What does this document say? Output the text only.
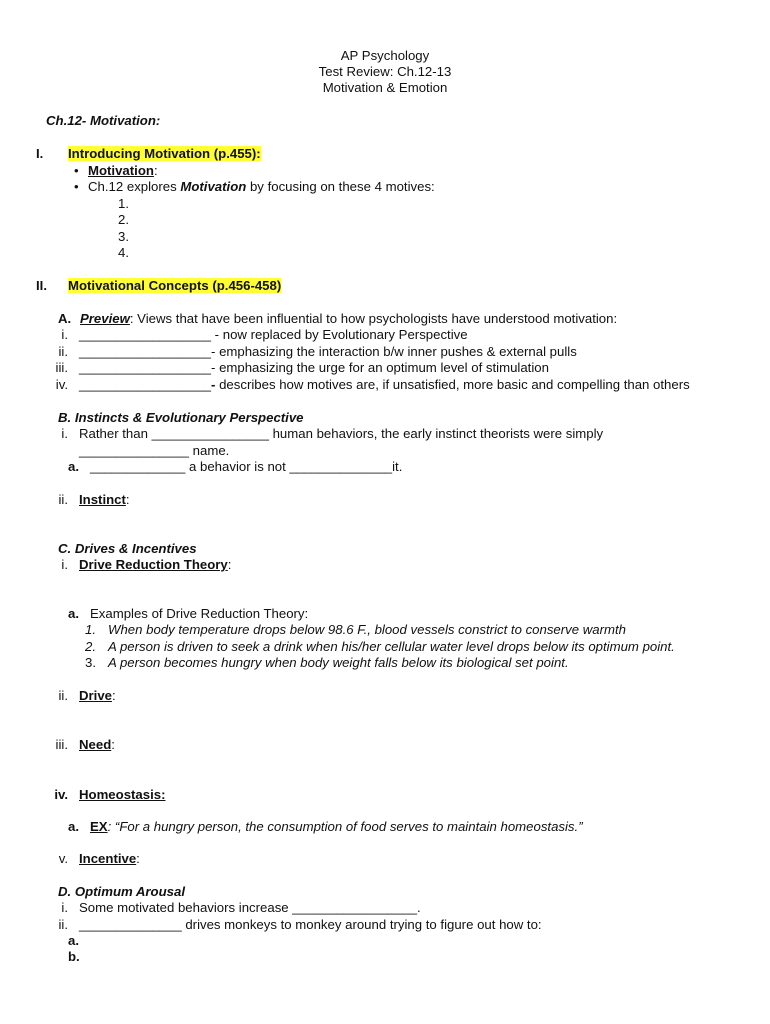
AP Psychology
Test Review: Ch.12-13
Motivation & Emotion
Ch.12- Motivation:
I. Introducing Motivation (p.455):
• Motivation:
• Ch.12 explores Motivation by focusing on these 4 motives:
1.
2.
3.
4.
II. Motivational Concepts (p.456-458)
A. Preview: Views that have been influential to how psychologists have understood motivation:
i. __________________ - now replaced by Evolutionary Perspective
ii. __________________- emphasizing the interaction b/w inner pushes & external pulls
iii. __________________- emphasizing the urge for an optimum level of stimulation
iv. __________________- describes how motives are, if unsatisfied, more basic and compelling than others
B. Instincts & Evolutionary Perspective
i. Rather than ________________ human behaviors, the early instinct theorists were simply
_______________ name.
a. _____________ a behavior is not ______________it.
ii. Instinct:
C. Drives & Incentives
i. Drive Reduction Theory:
a. Examples of Drive Reduction Theory:
1. When body temperature drops below 98.6 F., blood vessels constrict to conserve warmth
2. A person is driven to seek a drink when his/her cellular water level drops below its optimum point.
3. A person becomes hungry when body weight falls below its biological set point.
ii. Drive:
iii. Need:
iv. Homeostasis:
a. EX: “For a hungry person, the consumption of food serves to maintain homeostasis.”
v. Incentive:
D. Optimum Arousal
i. Some motivated behaviors increase _________________.
ii. ______________ drives monkeys to monkey around trying to figure out how to:
a.
b.
